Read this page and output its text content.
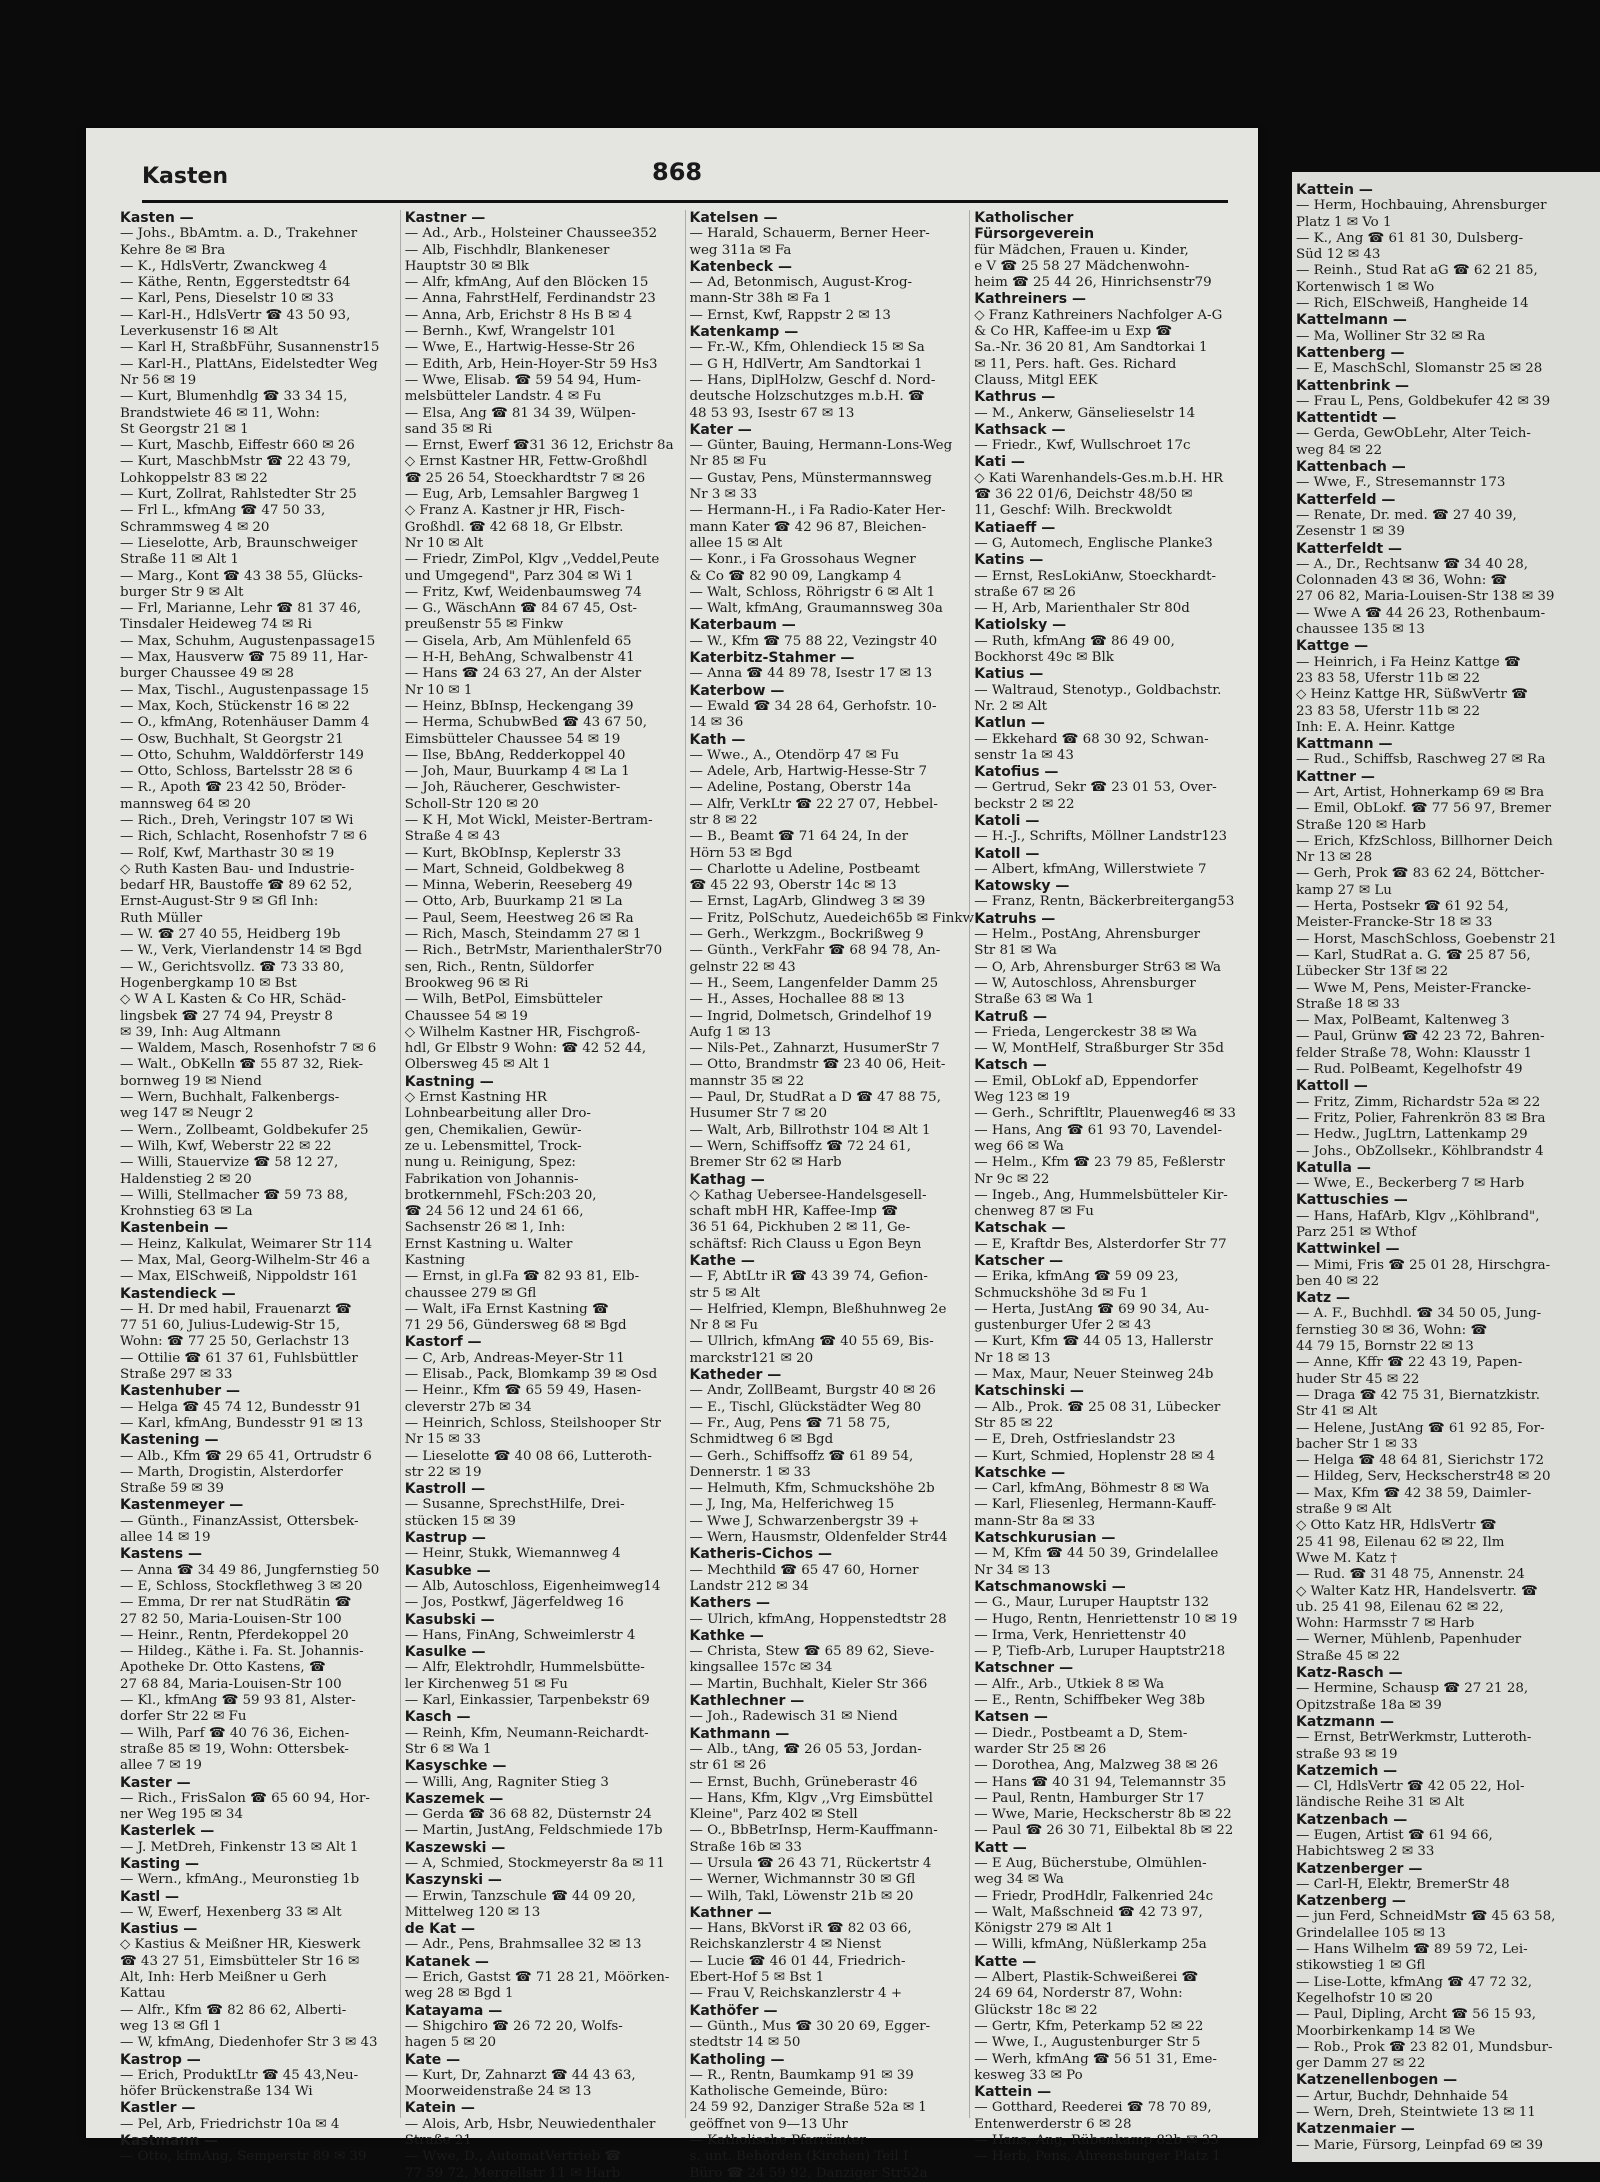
Kasten	868
Kasten —
— Johs., BbAmtm. a. D., Trakehner
Kehre 8e ✉ Bra
— K., HdlsVertr, Zwanckweg 4
— Käthe, Rentn, Eggerstedtstr 64
— Karl, Pens, Dieselstr 10 ✉ 33
— Karl-H., HdlsVertr ☎ 43 50 93,
Leverkusenstr 16 ✉ Alt
— Karl H, StraßbFühr, Susannenstr15
— Karl-H., PlattAns, Eidelstedter Weg
Nr 56 ✉ 19
— Kurt, Blumenhdlg ☎ 33 34 15,
Brandstwiete 46 ✉ 11, Wohn:
St Georgstr 21 ✉ 1
— Kurt, Maschb, Eiffestr 660 ✉ 26
— Kurt, MaschbMstr ☎ 22 43 79,
Lohkoppelstr 83 ✉ 22
— Kurt, Zollrat, Rahlstedter Str 25
— Frl L., kfmAng ☎ 47 50 33,
Schrammsweg 4 ✉ 20
— Lieselotte, Arb, Braunschweiger
Straße 11 ✉ Alt 1
— Marg., Kont ☎ 43 38 55, Glücks-
burger Str 9 ✉ Alt
— Frl, Marianne, Lehr ☎ 81 37 46,
Tinsdaler Heideweg 74 ✉ Ri
— Max, Schuhm, Augustenpassage15
— Max, Hausverw ☎ 75 89 11, Har-
burger Chaussee 49 ✉ 28
— Max, Tischl., Augustenpassage 15
— Max, Koch, Stückenstr 16 ✉ 22
— O., kfmAng, Rotenhäuser Damm 4
— Osw, Buchhalt, St Georgstr 21
— Otto, Schuhm, Walddörferstr 149
— Otto, Schloss, Bartelsstr 28 ✉ 6
— R., Apoth ☎ 23 42 50, Bröder-
mannsweg 64 ✉ 20
— Rich., Dreh, Veringstr 107 ✉ Wi
— Rich, Schlacht, Rosenhofstr 7 ✉ 6
— Rolf, Kwf, Marthastr 30 ✉ 19
◇ Ruth Kasten Bau- und Industrie-
bedarf HR, Baustoffe ☎ 89 62 52,
Ernst-August-Str 9 ✉ Gfl Inh:
Ruth Müller
— W. ☎ 27 40 55, Heidberg 19b
— W., Verk, Vierlandenstr 14 ✉ Bgd
— W., Gerichtsvollz. ☎ 73 33 80,
Hogenbergkamp 10 ✉ Bst
◇ W A L Kasten & Co HR, Schäd-
lingsbek ☎ 27 74 94, Preystr 8
✉ 39, Inh: Aug Altmann
— Waldem, Masch, Rosenhofstr 7 ✉ 6
— Walt., ObKelln ☎ 55 87 32, Riek-
bornweg 19 ✉ Niend
— Wern, Buchhalt, Falkenbergs-
weg 147 ✉ Neugr 2
— Wern., Zollbeamt, Goldbekufer 25
— Wilh, Kwf, Weberstr 22 ✉ 22
— Willi, Stauervize ☎ 58 12 27,
Haldenstieg 2 ✉ 20
— Willi, Stellmacher ☎ 59 73 88,
Krohnstieg 63 ✉ La
Kastenbein —
— Heinz, Kalkulat, Weimarer Str 114
— Max, Mal, Georg-Wilhelm-Str 46 a
— Max, ElSchweiß, Nippoldstr 161
Kastendieck —
— H. Dr med habil, Frauenarzt ☎
77 51 60, Julius-Ludewig-Str 15,
Wohn: ☎ 77 25 50, Gerlachstr 13
— Ottilie ☎ 61 37 61, Fuhlsbüttler
Straße 297 ✉ 33
Kastenhuber —
— Helga ☎ 45 74 12, Bundesstr 91
— Karl, kfmAng, Bundesstr 91 ✉ 13
Kastening —
— Alb., Kfm ☎ 29 65 41, Ortrudstr 6
— Marth, Drogistin, Alsterdorfer
Straße 59 ✉ 39
Kastenmeyer —
— Günth., FinanzAssist, Ottersbek-
allee 14 ✉ 19
Kastens —
— Anna ☎ 34 49 86, Jungfernstieg 50
— E, Schloss, Stockflethweg 3 ✉ 20
— Emma, Dr rer nat StudRätin ☎
27 82 50, Maria-Louisen-Str 100
— Heinr., Rentn, Pferdekoppel 20
— Hildeg., Käthe i. Fa. St. Johannis-
Apotheke Dr. Otto Kastens, ☎
27 68 84, Maria-Louisen-Str 100
— Kl., kfmAng ☎ 59 93 81, Alster-
dorfer Str 22 ✉ Fu
— Wilh, Parf ☎ 40 76 36, Eichen-
straße 85 ✉ 19, Wohn: Ottersbek-
allee 7 ✉ 19
Kaster —
— Rich., FrisSalon ☎ 65 60 94, Hor-
ner Weg 195 ✉ 34
Kasterlek —
— J. MetDreh, Finkenstr 13 ✉ Alt 1
Kasting —
— Wern., kfmAng., Meuronstieg 1b
Kastl —
— W, Ewerf, Hexenberg 33 ✉ Alt
Kastius —
◇ Kastius & Meißner HR, Kieswerk
☎ 43 27 51, Eimsbütteler Str 16 ✉
Alt, Inh: Herb Meißner u Gerh
Kattau
— Alfr., Kfm ☎ 82 86 62, Alberti-
weg 13 ✉ Gfl 1
— W, kfmAng, Diedenhofer Str 3 ✉ 43
Kastrop —
— Erich, ProduktLtr ☎ 45 43,Neu-
höfer Brückenstraße 134 Wi
Kastler —
— Pel, Arb, Friedrichstr 10a ✉ 4
Kastmann —
— Otto, kfmAng, Semperstr 89 ✉ 39
Kastner —
— Ad., Arb., Holsteiner Chaussee352
— Alb, Fischhdlr, Blankeneser
Hauptstr 30 ✉ Blk
— Alfr, kfmAng, Auf den Blöcken 15
— Anna, FahrstHelf, Ferdinandstr 23
— Anna, Arb, Erichstr 8 Hs B ✉ 4
— Bernh., Kwf, Wrangelstr 101
— Wwe, E., Hartwig-Hesse-Str 26
— Edith, Arb, Hein-Hoyer-Str 59 Hs3
— Wwe, Elisab. ☎ 59 54 94, Hum-
melsbütteler Landstr. 4 ✉ Fu
— Elsa, Ang ☎ 81 34 39, Wülpen-
sand 35 ✉ Ri
— Ernst, Ewerf ☎31 36 12, Erichstr 8a
◇ Ernst Kastner HR, Fettw-Großhdl
☎ 25 26 54, Stoeckhardtstr 7 ✉ 26
— Eug, Arb, Lemsahler Bargweg 1
◇ Franz A. Kastner jr HR, Fisch-
Großhdl. ☎ 42 68 18, Gr Elbstr.
Nr 10 ✉ Alt
— Friedr, ZimPol, Klgv ,,Veddel,Peute
und Umgegend", Parz 304 ✉ Wi 1
— Fritz, Kwf, Weidenbaumsweg 74
— G., WäschAnn ☎ 84 67 45, Ost-
preußenstr 55 ✉ Finkw
— Gisela, Arb, Am Mühlenfeld 65
— H-H, BehAng, Schwalbenstr 41
— Hans ☎ 24 63 27, An der Alster
Nr 10 ✉ 1
— Heinz, BbInsp, Heckengang 39
— Herma, SchubwBed ☎ 43 67 50,
Eimsbütteler Chaussee 54 ✉ 19
— Ilse, BbAng, Redderkoppel 40
— Joh, Maur, Buurkamp 4 ✉ La 1
— Joh, Räucherer, Geschwister-
Scholl-Str 120 ✉ 20
— K H, Mot Wickl, Meister-Bertram-
Straße 4 ✉ 43
— Kurt, BkObInsp, Keplerstr 33
— Mart, Schneid, Goldbekweg 8
— Minna, Weberin, Reeseberg 49
— Otto, Arb, Buurkamp 21 ✉ La
— Paul, Seem, Heestweg 26 ✉ Ra
— Rich, Masch, Steindamm 27 ✉ 1
— Rich., BetrMstr, MarienthalerStr70
sen, Rich., Rentn, Süldorfer
Brookweg 96 ✉ Ri
— Wilh, BetPol, Eimsbütteler
Chaussee 54 ✉ 19
◇ Wilhelm Kastner HR, Fischgroß-
hdl, Gr Elbstr 9 Wohn: ☎ 42 52 44,
Olbersweg 45 ✉ Alt 1
Kastning —
◇ Ernst Kastning HR
Lohnbearbeitung aller Dro-
gen, Chemikalien, Gewür-
ze u. Lebensmittel, Trock-
nung u. Reinigung, Spez:
Fabrikation von Johannis-
brotkernmehl, FSch:203 20,
☎ 24 56 12 und 24 61 66,
Sachsenstr 26 ✉ 1, Inh:
Ernst Kastning u. Walter
Kastning
— Ernst, in gl.Fa ☎ 82 93 81, Elb-
chaussee 279 ✉ Gfl
— Walt, iFa Ernst Kastning ☎
71 29 56, Gündersweg 68 ✉ Bgd
Kastorf —
— C, Arb, Andreas-Meyer-Str 11
— Elisab., Pack, Blomkamp 39 ✉ Osd
— Heinr., Kfm ☎ 65 59 49, Hasen-
cleverstr 27b ✉ 34
— Heinrich, Schloss, Steilshooper Str
Nr 15 ✉ 33
— Lieselotte ☎ 40 08 66, Lutteroth-
str 22 ✉ 19
Kastroll —
— Susanne, SprechstHilfe, Drei-
stücken 15 ✉ 39
Kastrup —
— Heinr, Stukk, Wiemannweg 4
Kasubke —
— Alb, Autoschloss, Eigenheimweg14
— Jos, Postkwf, Jägerfeldweg 16
Kasubski —
— Hans, FinAng, Schweimlerstr 4
Kasulke —
— Alfr, Elektrohdlr, Hummelsbütte-
ler Kirchenweg 51 ✉ Fu
— Karl, Einkassier, Tarpenbekstr 69
Kasch —
— Reinh, Kfm, Neumann-Reichardt-
Str 6 ✉ Wa 1
Kasyschke —
— Willi, Ang, Ragniter Stieg 3
Kaszemek —
— Gerda ☎ 36 68 82, Düsternstr 24
— Martin, JustAng, Feldschmiede 17b
Kaszewski —
— A, Schmied, Stockmeyerstr 8a ✉ 11
Kaszynski —
— Erwin, Tanzschule ☎ 44 09 20,
Mittelweg 120 ✉ 13
de Kat —
— Adr., Pens, Brahmsallee 32 ✉ 13
Katanek —
— Erich, Gastst ☎ 71 28 21, Möörken-
weg 28 ✉ Bgd 1
Katayama —
— Shigchiro ☎ 26 72 20, Wolfs-
hagen 5 ✉ 20
Kate —
— Kurt, Dr, Zahnarzt ☎ 44 43 63,
Moorweidenstraße 24 ✉ 13
Katein —
— Alois, Arb, Hsbr, Neuwiedenthaler
Straße 21
— Wwe, D., AutomatVertrieb ☎
77 59 72, Mergellstr 11 ✉ Harb
Katelsen —
— Harald, Schauerm, Berner Heer-
weg 311a ✉ Fa
Katenbeck —
— Ad, Betonmisch, August-Krog-
mann-Str 38h ✉ Fa 1
— Ernst, Kwf, Rappstr 2 ✉ 13
Katenkamp —
— Fr.-W., Kfm, Ohlendieck 15 ✉ Sa
— G H, HdlVertr, Am Sandtorkai 1
— Hans, DiplHolzw, Geschf d. Nord-
deutsche Holzschutzges m.b.H. ☎
48 53 93, Isestr 67 ✉ 13
Kater —
— Günter, Bauing, Hermann-Lons-Weg
Nr 85 ✉ Fu
— Gustav, Pens, Münstermannsweg
Nr 3 ✉ 33
— Hermann-H., i Fa Radio-Kater Her-
mann Kater ☎ 42 96 87, Bleichen-
allee 15 ✉ Alt
— Konr., i Fa Grossohaus Wegner
& Co ☎ 82 90 09, Langkamp 4
— Walt, Schloss, Röhrigstr 6 ✉ Alt 1
— Walt, kfmAng, Graumannsweg 30a
Katerbaum —
— W., Kfm ☎ 75 88 22, Vezingstr 40
Katerbitz-Stahmer —
— Anna ☎ 44 89 78, Isestr 17 ✉ 13
Katerbow —
— Ewald ☎ 34 28 64, Gerhofstr. 10-
14 ✉ 36
Kath —
— Wwe., A., Otendörp 47 ✉ Fu
— Adele, Arb, Hartwig-Hesse-Str 7
— Adeline, Postang, Oberstr 14a
— Alfr, VerkLtr ☎ 22 27 07, Hebbel-
str 8 ✉ 22
— B., Beamt ☎ 71 64 24, In der
Hörn 53 ✉ Bgd
— Charlotte u Adeline, Postbeamt
☎ 45 22 93, Oberstr 14c ✉ 13
— Ernst, LagArb, Glindweg 3 ✉ 39
— Fritz, PolSchutz, Auedeich65b ✉ Finkw
— Gerh., Werkzgm., Bockrißweg 9
— Günth., VerkFahr ☎ 68 94 78, An-
gelnstr 22 ✉ 43
— H., Seem, Langenfelder Damm 25
— H., Asses, Hochallee 88 ✉ 13
— Ingrid, Dolmetsch, Grindelhof 19
Aufg 1 ✉ 13
— Nils-Pet., Zahnarzt, HusumerStr 7
— Otto, Brandmstr ☎ 23 40 06, Heit-
mannstr 35 ✉ 22
— Paul, Dr, StudRat a D ☎ 47 88 75,
Husumer Str 7 ✉ 20
— Walt, Arb, Billrothstr 104 ✉ Alt 1
— Wern, Schiffsoffz ☎ 72 24 61,
Bremer Str 62 ✉ Harb
Kathag —
◇ Kathag Uebersee-Handelsgesell-
schaft mbH HR, Kaffee-Imp ☎
36 51 64, Pickhuben 2 ✉ 11, Ge-
schäftsf: Rich Clauss u Egon Beyn
Kathe —
— F, AbtLtr iR ☎ 43 39 74, Gefion-
str 5 ✉ Alt
— Helfried, Klempn, Bleßhuhnweg 2e
Nr 8 ✉ Fu
— Ullrich, kfmAng ☎ 40 55 69, Bis-
marckstr121 ✉ 20
Katheder —
— Andr, ZollBeamt, Burgstr 40 ✉ 26
— E., Tischl, Glückstädter Weg 80
— Fr., Aug, Pens ☎ 71 58 75,
Schmidtweg 6 ✉ Bgd
— Gerh., Schiffsoffz ☎ 61 89 54,
Dennerstr. 1 ✉ 33
— Helmuth, Kfm, Schmuckshöhe 2b
— J, Ing, Ma, Helferichweg 15
— Wwe J, Schwarzenbergstr 39 +
— Wern, Hausmstr, Oldenfelder Str44
Katheris-Cichos —
— Mechthild ☎ 65 47 60, Horner
Landstr 212 ✉ 34
Kathers —
— Ulrich, kfmAng, Hoppenstedtstr 28
Kathke —
— Christa, Stew ☎ 65 89 62, Sieve-
kingsallee 157c ✉ 34
— Martin, Buchhalt, Kieler Str 366
Kathlechner —
— Joh., Radewisch 31 ✉ Niend
Kathmann —
— Alb., tAng, ☎ 26 05 53, Jordan-
str 61 ✉ 26
— Ernst, Buchh, Grüneberastr 46
— Hans, Kfm, Klgv ,,Vrg Eimsbüttel
Kleine", Parz 402 ✉ Stell
— O., BbBetrInsp, Herm-Kauffmann-
Straße 16b ✉ 33
— Ursula ☎ 26 43 71, Rückertstr 4
— Werner, Wichmannstr 30 ✉ Gfl
— Wilh, Takl, Löwenstr 21b ✉ 20
Kathner —
— Hans, BkVorst iR ☎ 82 03 66,
Reichskanzlerstr 4 ✉ Nienst
— Lucie ☎ 46 01 44, Friedrich-
Ebert-Hof 5 ✉ Bst 1
— Frau V, Reichskanzlerstr 4 +
Kathöfer —
— Günth., Mus ☎ 30 20 69, Egger-
stedtstr 14 ✉ 50
Katholing —
— R., Rentn, Baumkamp 91 ✉ 39
Katholische Gemeinde, Büro:
24 59 92, Danziger Straße 52a ✉ 1
geöffnet von 9—13 Uhr
— Katholische Pfarrämter
s. unt. Behörden (Kirchen) Teil I
Büro ☎ 24 59 92, Danziger Str52a
Katholischer
Fürsorgeverein
für Mädchen, Frauen u. Kinder,
e V ☎ 25 58 27 Mädchenwohn-
heim ☎ 25 44 26, Hinrichsenstr79
Kathreiners —
◇ Franz Kathreiners Nachfolger A-G
& Co HR, Kaffee-im u Exp ☎
Sa.-Nr. 36 20 81, Am Sandtorkai 1
✉ 11, Pers. haft. Ges. Richard
Clauss, Mitgl EEK
Kathrus —
— M., Ankerw, Gänselieselstr 14
Kathsack —
— Friedr., Kwf, Wullschroet 17c
Kati —
◇ Kati Warenhandels-Ges.m.b.H. HR
☎ 36 22 01/6, Deichstr 48/50 ✉
11, Geschf: Wilh. Breckwoldt
Katiaeff —
— G, Automech, Englische Planke3
Katins —
— Ernst, ResLokiAnw, Stoeckhardt-
straße 67 ✉ 26
— H, Arb, Marienthaler Str 80d
Katiolsky —
— Ruth, kfmAng ☎ 86 49 00,
Bockhorst 49c ✉ Blk
Katius —
— Waltraud, Stenotyp., Goldbachstr.
Nr. 2 ✉ Alt
Katlun —
— Ekkehard ☎ 68 30 92, Schwan-
senstr 1a ✉ 43
Katofius —
— Gertrud, Sekr ☎ 23 01 53, Over-
beckstr 2 ✉ 22
Katoli —
— H.-J., Schrifts, Möllner Landstr123
Katoll —
— Albert, kfmAng, Willerstwiete 7
Katowsky —
— Franz, Rentn, Bäckerbreitergang53
Katruhs —
— Helm., PostAng, Ahrensburger
Str 81 ✉ Wa
— O, Arb, Ahrensburger Str63 ✉ Wa
— W, Autoschloss, Ahrensburger
Straße 63 ✉ Wa 1
Katruß —
— Frieda, Lengerckestr 38 ✉ Wa
— W, MontHelf, Straßburger Str 35d
Katsch —
— Emil, ObLokf aD, Eppendorfer
Weg 123 ✉ 19
— Gerh., Schriftltr, Plauenweg46 ✉ 33
— Hans, Ang ☎ 61 93 70, Lavendel-
weg 66 ✉ Wa
— Helm., Kfm ☎ 23 79 85, Feßlerstr
Nr 9c ✉ 22
— Ingeb., Ang, Hummelsbütteler Kir-
chenweg 87 ✉ Fu
Katschak —
— E, Kraftdr Bes, Alsterdorfer Str 77
Katscher —
— Erika, kfmAng ☎ 59 09 23,
Schmuckshöhe 3d ✉ Fu 1
— Herta, JustAng ☎ 69 90 34, Au-
gustenburger Ufer 2 ✉ 43
— Kurt, Kfm ☎ 44 05 13, Hallerstr
Nr 18 ✉ 13
— Max, Maur, Neuer Steinweg 24b
Katschinski —
— Alb., Prok. ☎ 25 08 31, Lübecker
Str 85 ✉ 22
— E, Dreh, Ostfrieslandstr 23
— Kurt, Schmied, Hoplenstr 28 ✉ 4
Katschke —
— Carl, kfmAng, Böhmestr 8 ✉ Wa
— Karl, Fliesenleg, Hermann-Kauff-
mann-Str 8a ✉ 33
Katschkurusian —
— M, Kfm ☎ 44 50 39, Grindelallee
Nr 34 ✉ 13
Katschmanowski —
— G., Maur, Luruper Hauptstr 132
— Hugo, Rentn, Henriettenstr 10 ✉ 19
— Irma, Verk, Henriettenstr 40
— P, Tiefb-Arb, Luruper Hauptstr218
Katschner —
— Alfr., Arb., Utkiek 8 ✉ Wa
— E., Rentn, Schiffbeker Weg 38b
Katsen —
— Diedr., Postbeamt a D, Stem-
warder Str 25 ✉ 26
— Dorothea, Ang, Malzweg 38 ✉ 26
— Hans ☎ 40 31 94, Telemannstr 35
— Paul, Rentn, Hamburger Str 17
— Wwe, Marie, Heckscherstr 8b ✉ 22
— Paul ☎ 26 30 71, Eilbektal 8b ✉ 22
Katt —
— E Aug, Bücherstube, Olmühlen-
weg 34 ✉ Wa
— Friedr, ProdHdlr, Falkenried 24c
— Walt, Maßschneid ☎ 42 73 97,
Königstr 279 ✉ Alt 1
— Willi, kfmAng, Nüßlerkamp 25a
Katte —
— Albert, Plastik-Schweißerei ☎
24 69 64, Norderstr 87, Wohn:
Glückstr 18c ✉ 22
— Gertr, Kfm, Peterkamp 52 ✉ 22
— Wwe, I., Augustenburger Str 5
— Werh, kfmAng ☎ 56 51 31, Eme-
kesweg 33 ✉ Po
Kattein —
— Gotthard, Reederei ☎ 78 70 89,
Entenwerderstr 6 ✉ 28
— Hans, Ang, Rübenkamp 82b ✉ 33
— Herb, Pens, Ahrensburger Platz 1
Kattein —
— Herm, Hochbauing, Ahrensburger
Platz 1 ✉ Vo 1
— K., Ang ☎ 61 81 30, Dulsberg-
Süd 12 ✉ 43
— Reinh., Stud Rat aG ☎ 62 21 85,
Kortenwisch 1 ✉ Wo
— Rich, ElSchweiß, Hangheide 14
Kattelmann —
— Ma, Wolliner Str 32 ✉ Ra
Kattenberg —
— E, MaschSchl, Slomanstr 25 ✉ 28
Kattenbrink —
— Frau L, Pens, Goldbekufer 42 ✉ 39
Kattentidt —
— Gerda, GewObLehr, Alter Teich-
weg 84 ✉ 22
Kattenbach —
— Wwe, F., Stresemannstr 173
Katterfeld —
— Renate, Dr. med. ☎ 27 40 39,
Zesenstr 1 ✉ 39
Katterfeldt —
— A., Dr., Rechtsanw ☎ 34 40 28,
Colonnaden 43 ✉ 36, Wohn: ☎
27 06 82, Maria-Louisen-Str 138 ✉ 39
— Wwe A ☎ 44 26 23, Rothenbaum-
chaussee 135 ✉ 13
Kattge —
— Heinrich, i Fa Heinz Kattge ☎
23 83 58, Uferstr 11b ✉ 22
◇ Heinz Kattge HR, SüßwVertr ☎
23 83 58, Uferstr 11b ✉ 22
Inh: E. A. Heinr. Kattge
Kattmann —
— Rud., Schiffsb, Raschweg 27 ✉ Ra
Kattner —
— Art, Artist, Hohnerkamp 69 ✉ Bra
— Emil, ObLokf. ☎ 77 56 97, Bremer
Straße 120 ✉ Harb
— Erich, KfzSchloss, Billhorner Deich
Nr 13 ✉ 28
— Gerh, Prok ☎ 83 62 24, Böttcher-
kamp 27 ✉ Lu
— Herta, Postsekr ☎ 61 92 54,
Meister-Francke-Str 18 ✉ 33
— Horst, MaschSchloss, Goebenstr 21
— Karl, StudRat a. G. ☎ 25 87 56,
Lübecker Str 13f ✉ 22
— Wwe M, Pens, Meister-Francke-
Straße 18 ✉ 33
— Max, PolBeamt, Kaltenweg 3
— Paul, Grünw ☎ 42 23 72, Bahren-
felder Straße 78, Wohn: Klausstr 1
— Rud. PolBeamt, Kegelhofstr 49
Kattoll —
— Fritz, Zimm, Richardstr 52a ✉ 22
— Fritz, Polier, Fahrenkrön 83 ✉ Bra
— Hedw., JugLtrn, Lattenkamp 29
— Johs., ObZollsekr., Köhlbrandstr 4
Katulla —
— Wwe, E., Beckerberg 7 ✉ Harb
Kattuschies —
— Hans, HafArb, Klgv ,,Köhlbrand",
Parz 251 ✉ Wthof
Kattwinkel —
— Mimi, Fris ☎ 25 01 28, Hirschgra-
ben 40 ✉ 22
Katz —
— A. F., Buchhdl. ☎ 34 50 05, Jung-
fernstieg 30 ✉ 36, Wohn: ☎
44 79 15, Bornstr 22 ✉ 13
— Anne, Kffr ☎ 22 43 19, Papen-
huder Str 45 ✉ 22
— Draga ☎ 42 75 31, Biernatzkistr.
Str 41 ✉ Alt
— Helene, JustAng ☎ 61 92 85, For-
bacher Str 1 ✉ 33
— Helga ☎ 48 64 81, Sierichstr 172
— Hildeg, Serv, Heckscherstr48 ✉ 20
— Max, Kfm ☎ 42 38 59, Daimler-
straße 9 ✉ Alt
◇ Otto Katz HR, HdlsVertr ☎
25 41 98, Eilenau 62 ✉ 22, Ilm
Wwe M. Katz †
— Rud. ☎ 31 48 75, Annenstr. 24
◇ Walter Katz HR, Handelsvertr. ☎
ub. 25 41 98, Eilenau 62 ✉ 22,
Wohn: Harmsstr 7 ✉ Harb
— Werner, Mühlenb, Papenhuder
Straße 45 ✉ 22
Katz-Rasch —
— Hermine, Schausp ☎ 27 21 28,
Opitzstraße 18a ✉ 39
Katzmann —
— Ernst, BetrWerkmstr, Lutteroth-
straße 93 ✉ 19
Katzemich —
— Cl, HdlsVertr ☎ 42 05 22, Hol-
ländische Reihe 31 ✉ Alt
Katzenbach —
— Eugen, Artist ☎ 61 94 66,
Habichtsweg 2 ✉ 33
Katzenberger —
— Carl-H, Elektr, BremerStr 48
Katzenberg —
— jun Ferd, SchneidMstr ☎ 45 63 58,
Grindelallee 105 ✉ 13
— Hans Wilhelm ☎ 89 59 72, Lei-
stikowstieg 1 ✉ Gfl
— Lise-Lotte, kfmAng ☎ 47 72 32,
Kegelhofstr 10 ✉ 20
— Paul, Dipling, Archt ☎ 56 15 93,
Moorbirkenkamp 14 ✉ We
— Rob., Prok ☎ 23 82 01, Mundsbur-
ger Damm 27 ✉ 22
Katzenellenbogen —
— Artur, Buchdr, Dehnhaide 54
— Wern, Dreh, Steintwiete 13 ✉ 11
Katzenmaier —
— Marie, Fürsorg, Leinpfad 69 ✉ 39
